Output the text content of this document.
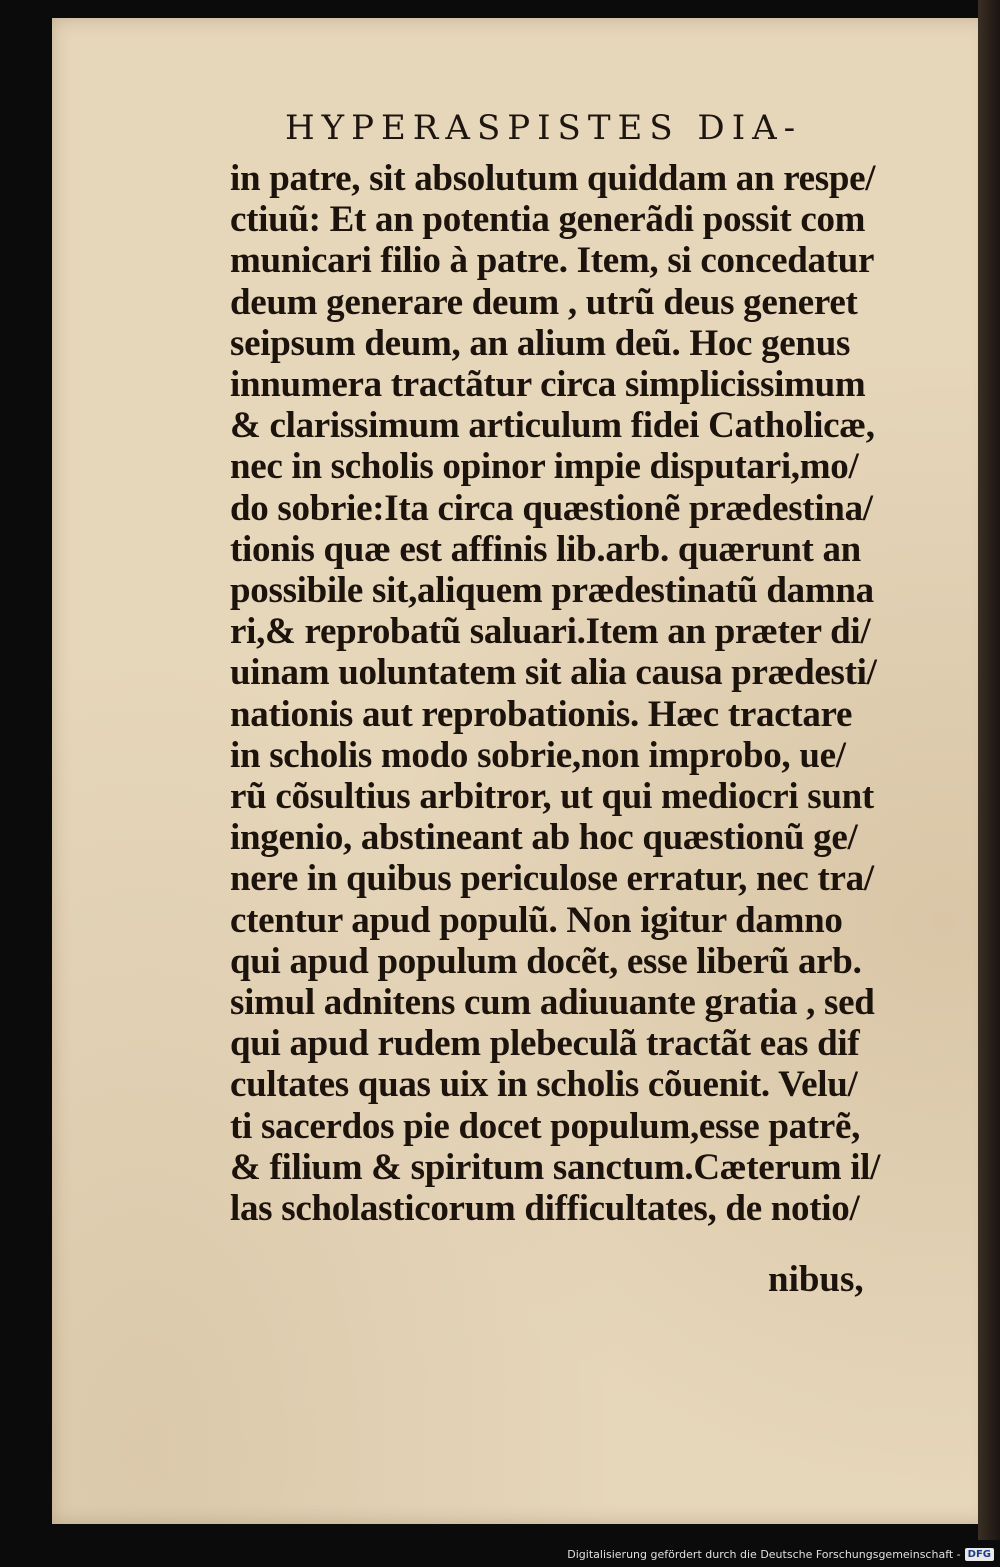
HYPERASPISTES DIA-
in patre, sit absolutum quiddam an respe/
ctiuũ: Et an potentia generãdi possit com
municari filio à patre. Item, si concedatur
deum generare deum , utrũ deus generet
seipsum deum, an alium deũ. Hoc genus
innumera tractãtur circa simplicissimum
& clarissimum articulum fidei Catholicæ,
nec in scholis opinor impie disputari,mo/
do sobrie:Ita circa quæstionẽ prædestina/
tionis quæ est affinis lib.arb. quærunt an
possibile sit,aliquem prædestinatũ damna
ri,& reprobatũ saluari.Item an præter di/
uinam uoluntatem sit alia causa prædesti/
nationis aut reprobationis. Hæc tractare
in scholis modo sobrie,non improbo, ue/
rũ cõsultius arbitror, ut qui mediocri sunt
ingenio, abstineant ab hoc quæstionũ ge/
nere in quibus periculose erratur, nec tra/
ctentur apud populũ. Non igitur damno
qui apud populum docẽt, esse liberũ arb.
simul adnitens cum adiuuante gratia , sed
qui apud rudem plebeculã tractãt eas dif
cultates quas uix in scholis cõuenit. Velu/
ti sacerdos pie docet populum,esse patrẽ,
& filium & spiritum sanctum.Cæterum il/
las scholasticorum difficultates, de notio/
nibus,
Digitalisierung gefördert durch die Deutsche Forschungsgemeinschaft - DFG
